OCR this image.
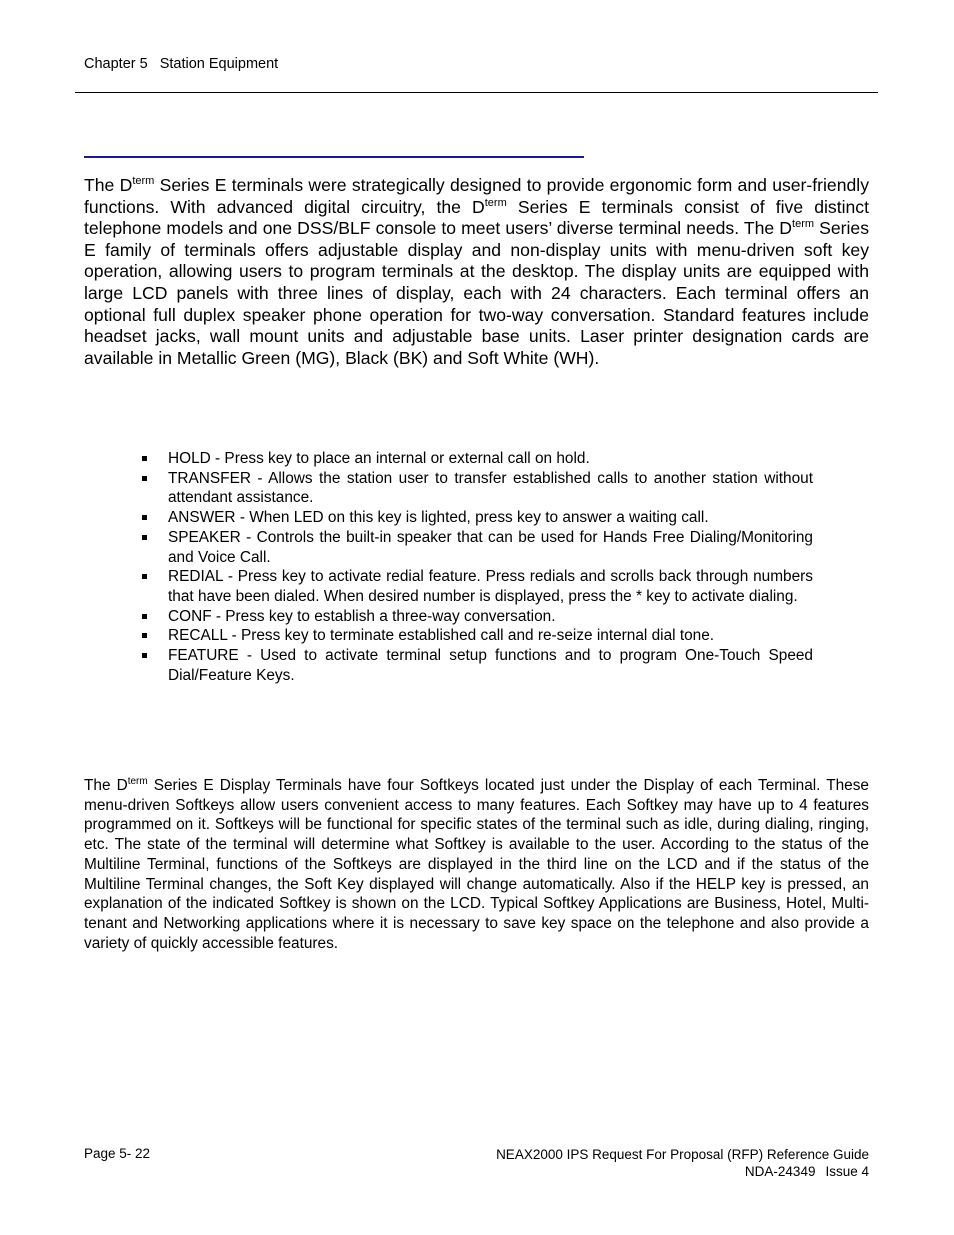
Chapter 5 Station Equipment

The $D^{term}$ Series E terminals were strategically designed to provide ergonomic form and user-friendly functions. With advanced digital circuitry, the $D^{term}$ Series E terminals consist of five distinct telephone models and one DSS/BLF console to meet users’ diverse terminal needs. The $D^{term}$ Series E family of terminals offers adjustable display and non-display units with menu-driven soft key operation, allowing users to program terminals at the desktop. The display units are equipped with large LCD panels with three lines of display, each with 24 characters. Each terminal offers an optional full duplex speaker phone operation for two-way conversation. Standard features include headset jacks, wall mount units and adjustable base units. Laser printer designation cards are available in Metallic Green (MG), Black (BK) and Soft White (WH).

HOLD - Press key to place an internal or external call on hold.
TRANSFER - Allows the station user to transfer established calls to another station without attendant assistance.
ANSWER - When LED on this key is lighted, press key to answer a waiting call.
SPEAKER - Controls the built-in speaker that can be used for Hands Free Dialing/Monitoring and Voice Call.
REDIAL - Press key to activate redial feature. Press redials and scrolls back through numbers that have been dialed. When desired number is displayed, press the * key to activate dialing.
CONF - Press key to establish a three-way conversation.
RECALL - Press key to terminate established call and re-seize internal dial tone.
FEATURE - Used to activate terminal setup functions and to program One-Touch Speed Dial/Feature Keys.

The $D^{term}$ Series E Display Terminals have four Softkeys located just under the Display of each Terminal. These menu-driven Softkeys allow users convenient access to many features. Each Softkey may have up to 4 features programmed on it. Softkeys will be functional for specific states of the terminal such as idle, during dialing, ringing, etc. The state of the terminal will determine what Softkey is available to the user. According to the status of the Multiline Terminal, functions of the Softkeys are displayed in the third line on the LCD and if the status of the Multiline Terminal changes, the Soft Key displayed will change automatically. Also if the HELP key is pressed, an explanation of the indicated Softkey is shown on the LCD. Typical Softkey Applications are Business, Hotel, Multi-tenant and Networking applications where it is necessary to save key space on the telephone and also provide a variety of quickly accessible features.

Page 5- 22	NEAX2000 IPS Request For Proposal (RFP) Reference Guide
NDA-24349 Issue 4
